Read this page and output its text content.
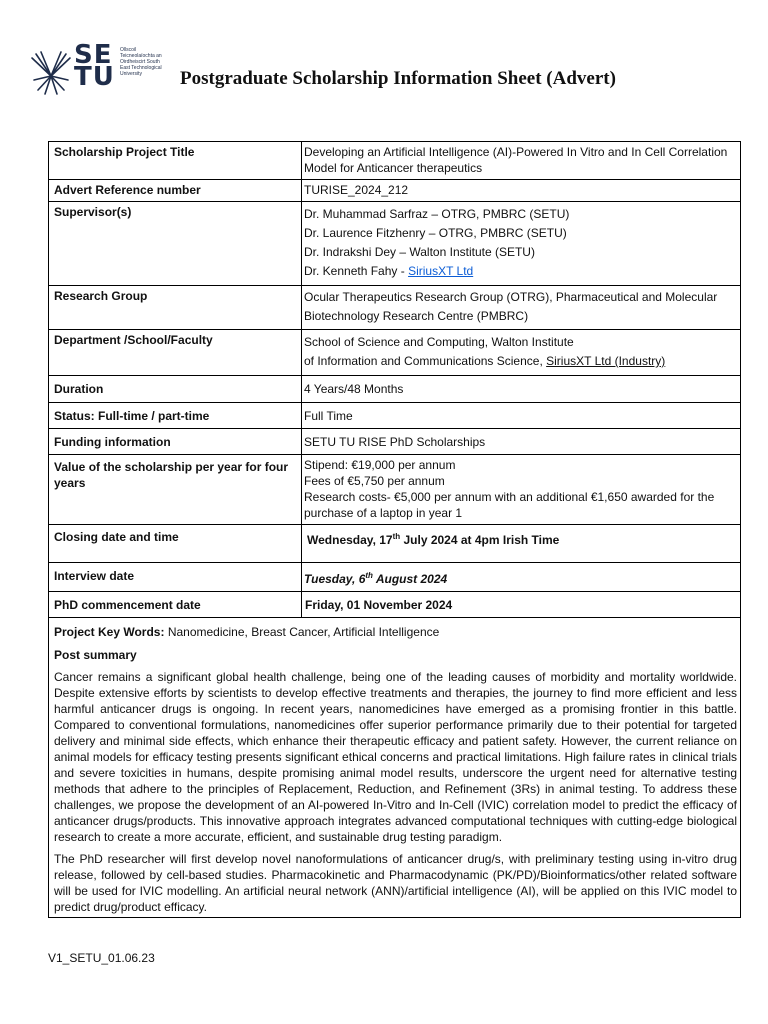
SE
TU
Ollscoil Teicneolaíochta an Oirdheiscirt South East Technological University	Postgraduate Scholarship Information Sheet (Advert)
Scholarship Project Title	Developing an Artificial Intelligence (AI)-Powered In Vitro and In Cell Correlation Model for Anticancer therapeutics
Advert Reference number	TURISE_2024_212
Supervisor(s)	Dr. Muhammad Sarfraz – OTRG, PMBRC (SETU)
Dr. Laurence Fitzhenry – OTRG, PMBRC (SETU)
Dr. Indrakshi Dey – Walton Institute (SETU)
Dr. Kenneth Fahy - SiriusXT Ltd

Research Group	Ocular Therapeutics Research Group (OTRG), Pharmaceutical and Molecular Biotechnology Research Centre (PMBRC)
Department /School/Faculty	School of Science and Computing, Walton Institute
of Information and Communications Science, SiriusXT Ltd (Industry)

Duration	4 Years/48 Months
Status: Full-time / part-time	Full Time
Funding information	SETU TU RISE PhD Scholarships
Value of the scholarship per year for four years	Stipend: €19,000 per annum
Fees of €5,750 per annum
Research costs- €5,000 per annum with an additional €1,650 awarded for the purchase of a laptop in year 1

Closing date and time	Wednesday, 17th July 2024 at 4pm Irish Time
Interview date	Tuesday, 6th August 2024
PhD commencement date	Friday, 01 November 2024

Project Key Words: Nanomedicine, Breast Cancer, Artificial Intelligence
Post summary

Cancer remains a significant global health challenge, being one of the leading causes of morbidity and mortality worldwide. Despite extensive efforts by scientists to develop effective treatments and therapies, the journey to find more efficient and less harmful anticancer drugs is ongoing. In recent years, nanomedicines have emerged as a promising frontier in this battle. Compared to conventional formulations, nanomedicines offer superior performance primarily due to their potential for targeted delivery and minimal side effects, which enhance their therapeutic efficacy and patient safety. However, the current reliance on animal models for efficacy testing presents significant ethical concerns and practical limitations. High failure rates in clinical trials and severe toxicities in humans, despite promising animal model results, underscore the urgent need for alternative testing methods that adhere to the principles of Replacement, Reduction, and Refinement (3Rs) in animal testing. To address these challenges, we propose the development of an AI-powered In-Vitro and In-Cell (IVIC) correlation model to predict the efficacy of anticancer drugs/products. This innovative approach integrates advanced computational techniques with cutting-edge biological research to create a more accurate, efficient, and sustainable drug testing paradigm.

The PhD researcher will first develop novel nanoformulations of anticancer drug/s, with preliminary testing using in-vitro drug release, followed by cell-based studies. Pharmacokinetic and Pharmacodynamic (PK/PD)/Bioinformatics/other related software will be used for IVIC modelling. An artificial neural network (ANN)/artificial intelligence (AI), will be applied on this IVIC model to predict drug/product efficacy.	

V1_SETU_01.06.23
